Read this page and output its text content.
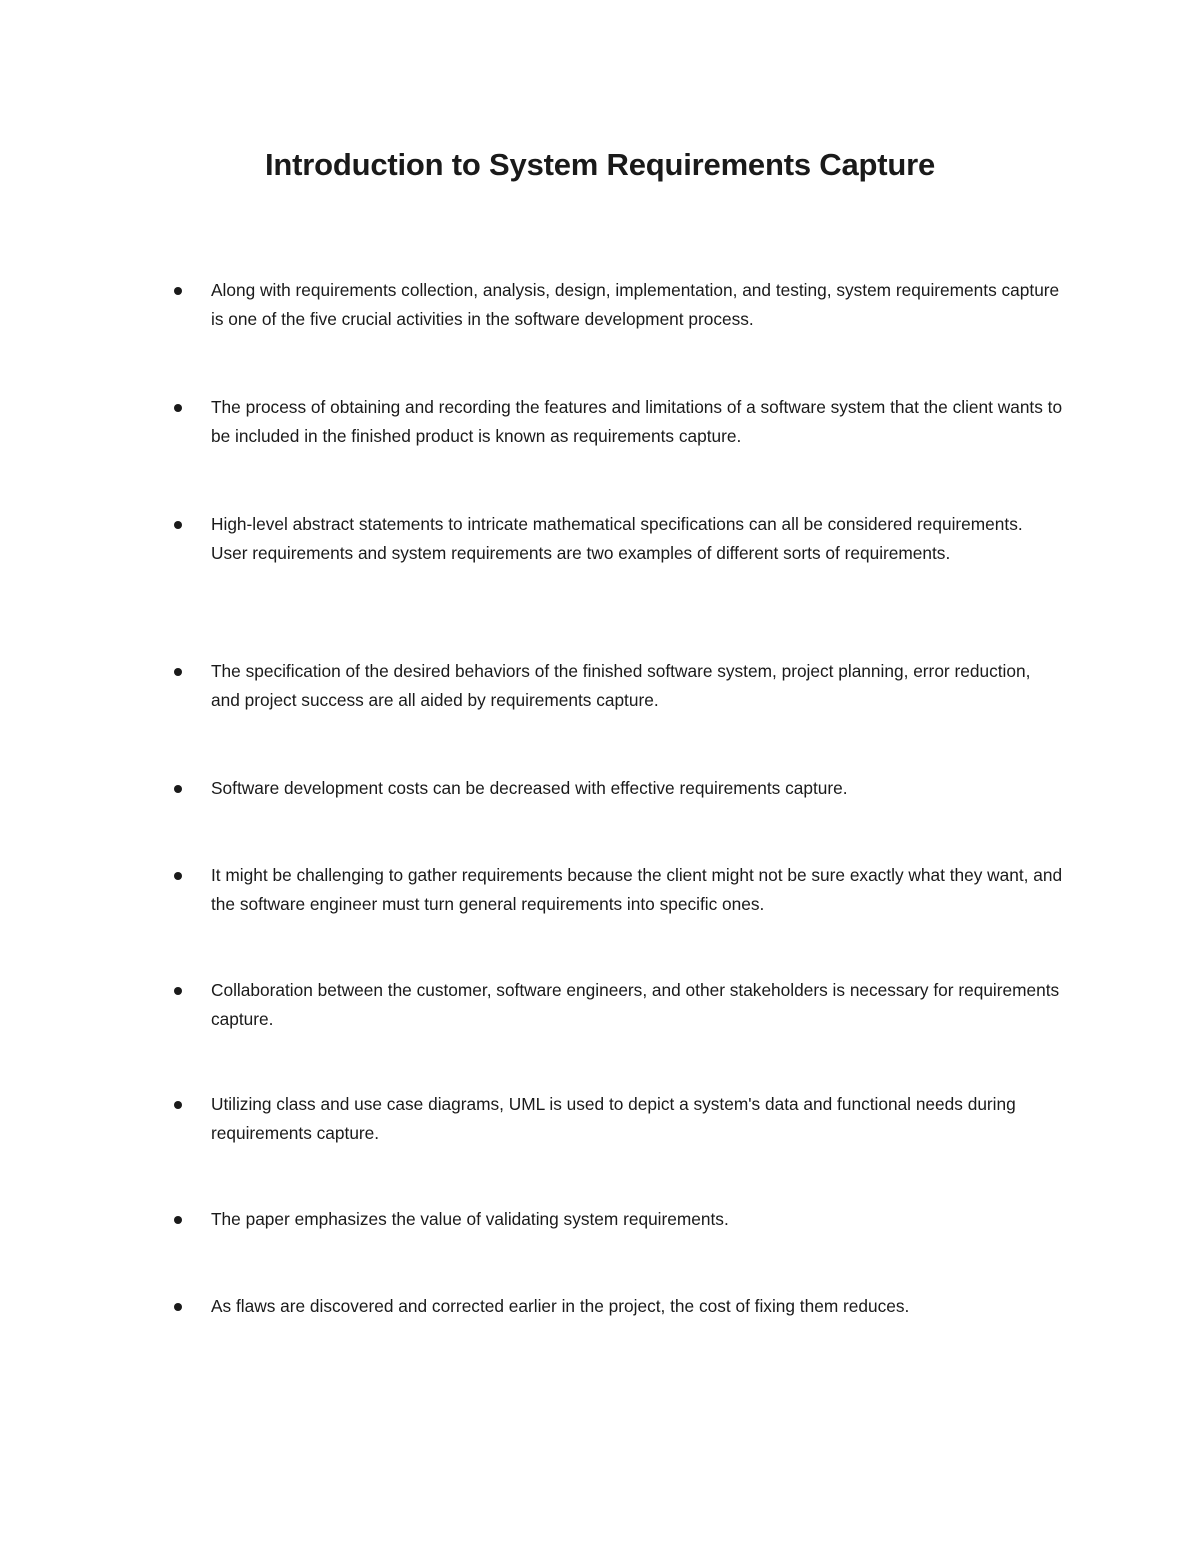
Introduction to System Requirements Capture

Along with requirements collection, analysis, design, implementation, and testing, system requirements capture is one of the five crucial activities in the software development process.

The process of obtaining and recording the features and limitations of a software system that the client wants to be included in the finished product is known as requirements capture.

High-level abstract statements to intricate mathematical specifications can all be considered requirements. User requirements and system requirements are two examples of different sorts of requirements.

The specification of the desired behaviors of the finished software system, project planning, error reduction, and project success are all aided by requirements capture.

Software development costs can be decreased with effective requirements capture.

It might be challenging to gather requirements because the client might not be sure exactly what they want, and the software engineer must turn general requirements into specific ones.

Collaboration between the customer, software engineers, and other stakeholders is necessary for requirements capture.

Utilizing class and use case diagrams, UML is used to depict a system's data and functional needs during requirements capture.

The paper emphasizes the value of validating system requirements.

As flaws are discovered and corrected earlier in the project, the cost of fixing them reduces.
